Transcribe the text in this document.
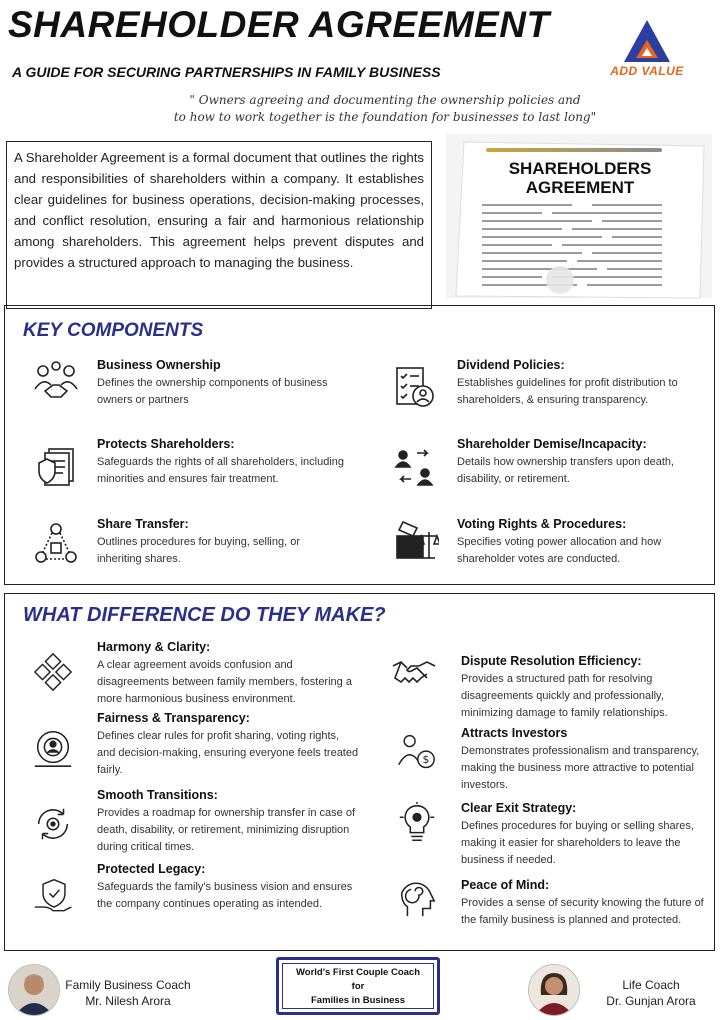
SHAREHOLDER AGREEMENT
A GUIDE FOR SECURING PARTNERSHIPS IN FAMILY BUSINESS	ADD VALUE
" Owners agreeing and documenting the ownership policies and
to how to work together is the foundation for businesses to last long"
A Shareholder Agreement is a formal document that outlines the rights and responsibilities of shareholders within a company. It establishes clear guidelines for business operations, decision-making processes, and conflict resolution, ensuring a fair and harmonious relationship among shareholders. This agreement helps prevent disputes and provides a structured approach to managing the business.
SHAREHOLDERS
AGREEMENT
KEY COMPONENTS
Business Ownership
Defines the ownership components of business owners or partners
Protects Shareholders:
Safeguards the rights of all shareholders, including minorities and ensures fair treatment.
Share Transfer:
Outlines procedures for buying, selling, or inheriting shares.
Dividend Policies:
Establishes guidelines for profit distribution to shareholders, & ensuring transparency.
Shareholder Demise/Incapacity:
Details how ownership transfers upon death, disability, or retirement.
Voting Rights & Procedures:
Specifies voting power allocation and how shareholder votes are conducted.
WHAT DIFFERENCE DO THEY MAKE?
Harmony & Clarity:
A clear agreement avoids confusion and disagreements between family members, fostering a more harmonious business environment.
Fairness & Transparency:
Defines clear rules for profit sharing, voting rights, and decision-making, ensuring everyone feels treated fairly.
Smooth Transitions:
Provides a roadmap for ownership transfer in case of death, disability, or retirement, minimizing disruption during critical times.
Protected Legacy:
Safeguards the family's business vision and ensures the company continues operating as intended.
Dispute Resolution Efficiency:
Provides a structured path for resolving disagreements quickly and professionally, minimizing damage to family relationships.
$
Attracts Investors
Demonstrates professionalism and transparency, making the business more attractive to potential investors.
Clear Exit Strategy:
Defines procedures for buying or selling shares, making it easier for shareholders to leave the business if needed.
Peace of Mind:
Provides a sense of security knowing the future of the family business is planned and protected.
Family Business Coach
Mr. Nilesh Arora
World's First Couple Coach
for
Families in Business
Life Coach
Dr. Gunjan Arora
